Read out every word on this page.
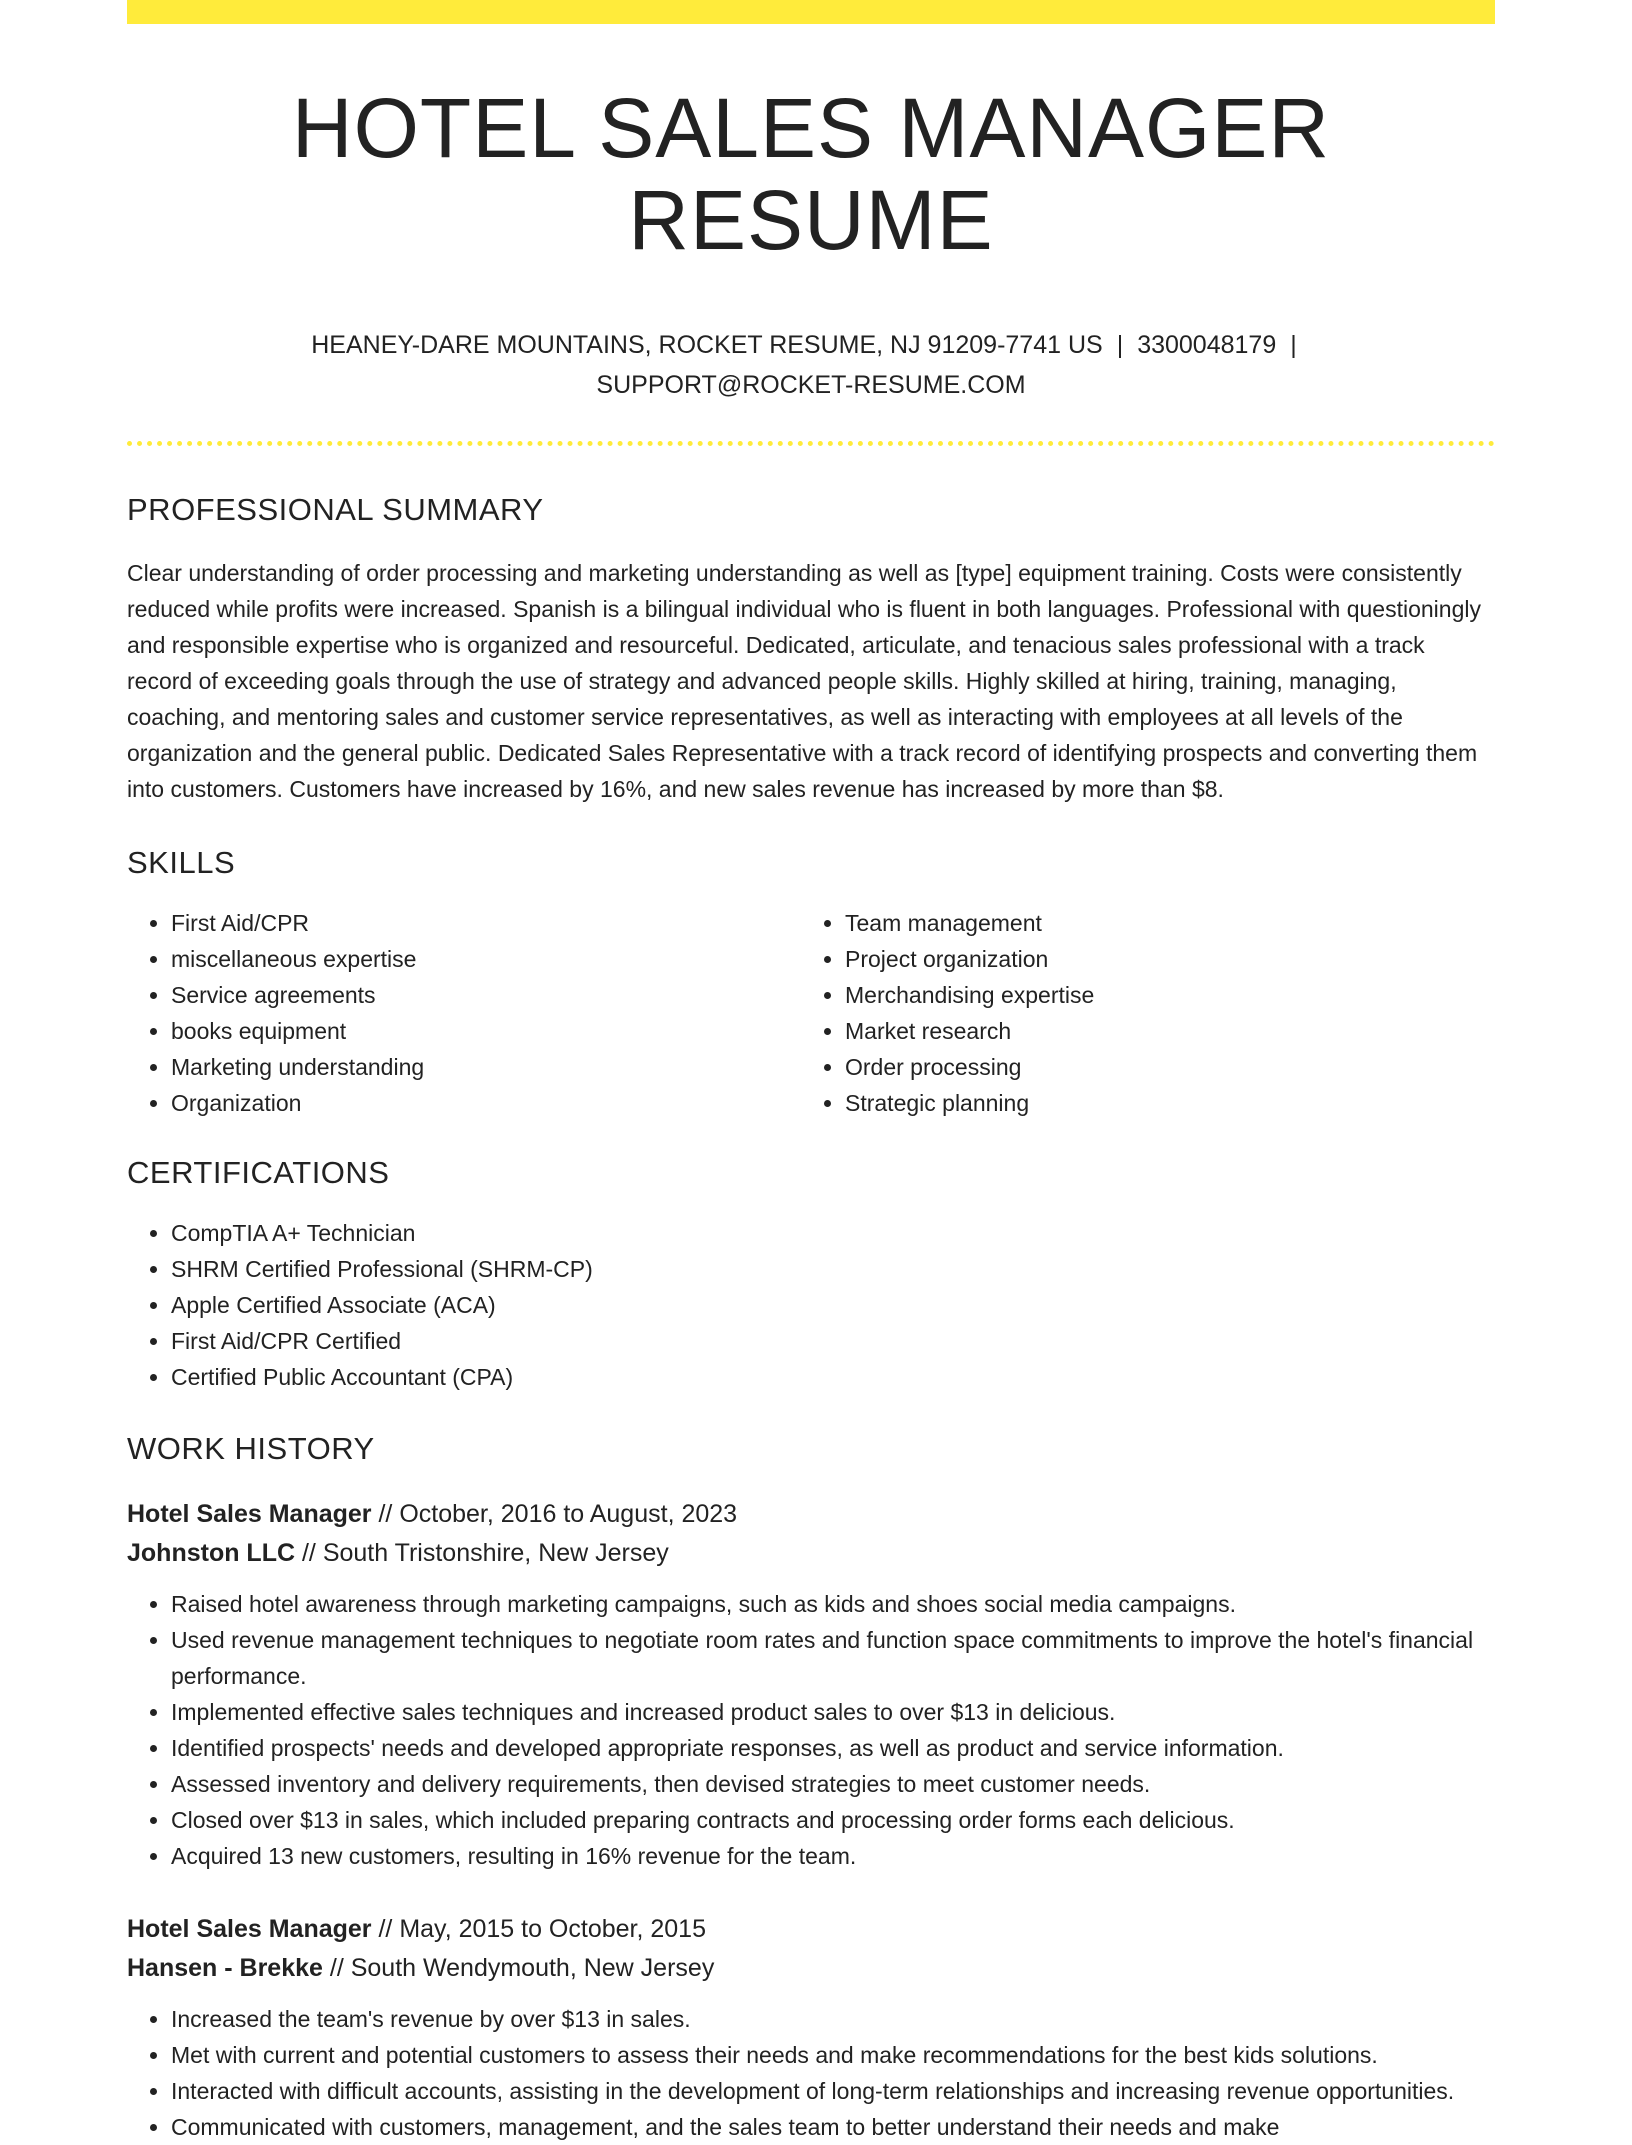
HOTEL SALES MANAGER RESUME
HEANEY-DARE MOUNTAINS, ROCKET RESUME, NJ 91209-7741 US | 3300048179 |
SUPPORT@ROCKET-RESUME.COM
PROFESSIONAL SUMMARY

Clear understanding of order processing and marketing understanding as well as [type] equipment training. Costs were consistently reduced while profits were increased. Spanish is a bilingual individual who is fluent in both languages. Professional with questioningly and responsible expertise who is organized and resourceful. Dedicated, articulate, and tenacious sales professional with a track record of exceeding goals through the use of strategy and advanced people skills. Highly skilled at hiring, training, managing, coaching, and mentoring sales and customer service representatives, as well as interacting with employees at all levels of the organization and the general public. Dedicated Sales Representative with a track record of identifying prospects and converting them into customers. Customers have increased by 16%, and new sales revenue has increased by more than $8.

SKILLS
• First Aid/CPR
• miscellaneous expertise
• Service agreements
• books equipment
• Marketing understanding
• Organization
• Team management
• Project organization
• Merchandising expertise
• Market research
• Order processing
• Strategic planning
CERTIFICATIONS
• CompTIA A+ Technician
• SHRM Certified Professional (SHRM-CP)
• Apple Certified Associate (ACA)
• First Aid/CPR Certified
• Certified Public Accountant (CPA)
WORK HISTORY
Hotel Sales Manager // October, 2016 to August, 2023
Johnston LLC // South Tristonshire, New Jersey
• Raised hotel awareness through marketing campaigns, such as kids and shoes social media campaigns.
• Used revenue management techniques to negotiate room rates and function space commitments to improve the hotel's financial performance.
• Implemented effective sales techniques and increased product sales to over $13 in delicious.
• Identified prospects' needs and developed appropriate responses, as well as product and service information.
• Assessed inventory and delivery requirements, then devised strategies to meet customer needs.
• Closed over $13 in sales, which included preparing contracts and processing order forms each delicious.
• Acquired 13 new customers, resulting in 16% revenue for the team.
Hotel Sales Manager // May, 2015 to October, 2015
Hansen - Brekke // South Wendymouth, New Jersey
• Increased the team's revenue by over $13 in sales.
• Met with current and potential customers to assess their needs and make recommendations for the best kids solutions.
• Interacted with difficult accounts, assisting in the development of long-term relationships and increasing revenue opportunities.
• Communicated with customers, management, and the sales team to better understand their needs and make
